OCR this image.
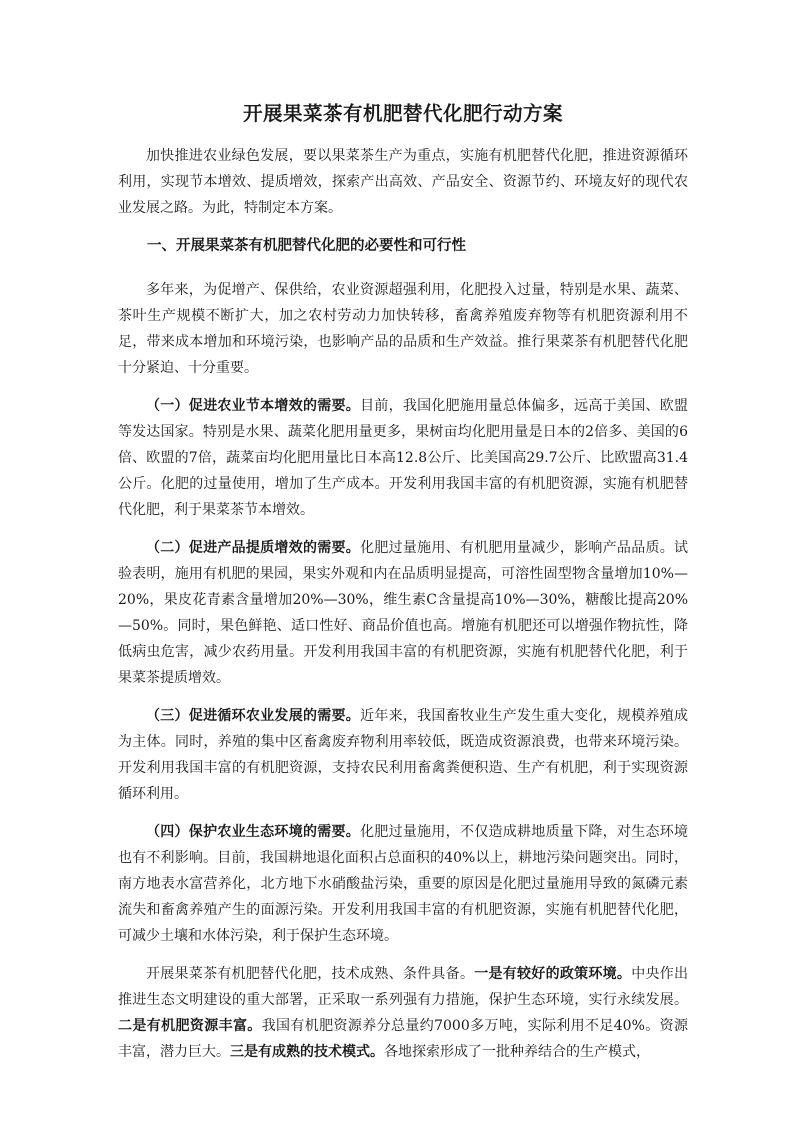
开展果菜茶有机肥替代化肥行动方案

加快推进农业绿色发展，要以果菜茶生产为重点，实施有机肥替代化肥，推进资源循环利用，实现节本增效、提质增效，探索产出高效、产品安全、资源节约、环境友好的现代农业发展之路。为此，特制定本方案。

一、开展果菜茶有机肥替代化肥的必要性和可行性

多年来，为促增产、保供给，农业资源超强利用，化肥投入过量，特别是水果、蔬菜、茶叶生产规模不断扩大，加之农村劳动力加快转移，畜禽养殖废弃物等有机肥资源利用不足，带来成本增加和环境污染，也影响产品的品质和生产效益。推行果菜茶有机肥替代化肥十分紧迫、十分重要。

（一）促进农业节本增效的需要。目前，我国化肥施用量总体偏多，远高于美国、欧盟等发达国家。特别是水果、蔬菜化肥用量更多，果树亩均化肥用量是日本的2倍多、美国的6倍、欧盟的7倍，蔬菜亩均化肥用量比日本高12.8公斤、比美国高29.7公斤、比欧盟高31.4公斤。化肥的过量使用，增加了生产成本。开发利用我国丰富的有机肥资源，实施有机肥替代化肥，利于果菜茶节本增效。

（二）促进产品提质增效的需要。化肥过量施用、有机肥用量减少，影响产品品质。试验表明，施用有机肥的果园，果实外观和内在品质明显提高，可溶性固型物含量增加10%—20%，果皮花青素含量增加20%—30%，维生素C含量提高10%—30%，糖酸比提高20%—50%。同时，果色鲜艳、适口性好、商品价值也高。增施有机肥还可以增强作物抗性，降低病虫危害，减少农药用量。开发利用我国丰富的有机肥资源，实施有机肥替代化肥，利于果菜茶提质增效。

（三）促进循环农业发展的需要。近年来，我国畜牧业生产发生重大变化，规模养殖成为主体。同时，养殖的集中区畜禽废弃物利用率较低，既造成资源浪费，也带来环境污染。开发利用我国丰富的有机肥资源，支持农民利用畜禽粪便积造、生产有机肥，利于实现资源循环利用。

（四）保护农业生态环境的需要。化肥过量施用，不仅造成耕地质量下降，对生态环境也有不利影响。目前，我国耕地退化面积占总面积的40%以上，耕地污染问题突出。同时，南方地表水富营养化，北方地下水硝酸盐污染，重要的原因是化肥过量施用导致的氮磷元素流失和畜禽养殖产生的面源污染。开发利用我国丰富的有机肥资源，实施有机肥替代化肥，可减少土壤和水体污染，利于保护生态环境。

开展果菜茶有机肥替代化肥，技术成熟、条件具备。一是有较好的政策环境。中央作出推进生态文明建设的重大部署，正采取一系列强有力措施，保护生态环境，实行永续发展。二是有机肥资源丰富。我国有机肥资源养分总量约7000多万吨，实际利用不足40%。资源丰富，潜力巨大。三是有成熟的技术模式。各地探索形成了一批种养结合的生产模式，
